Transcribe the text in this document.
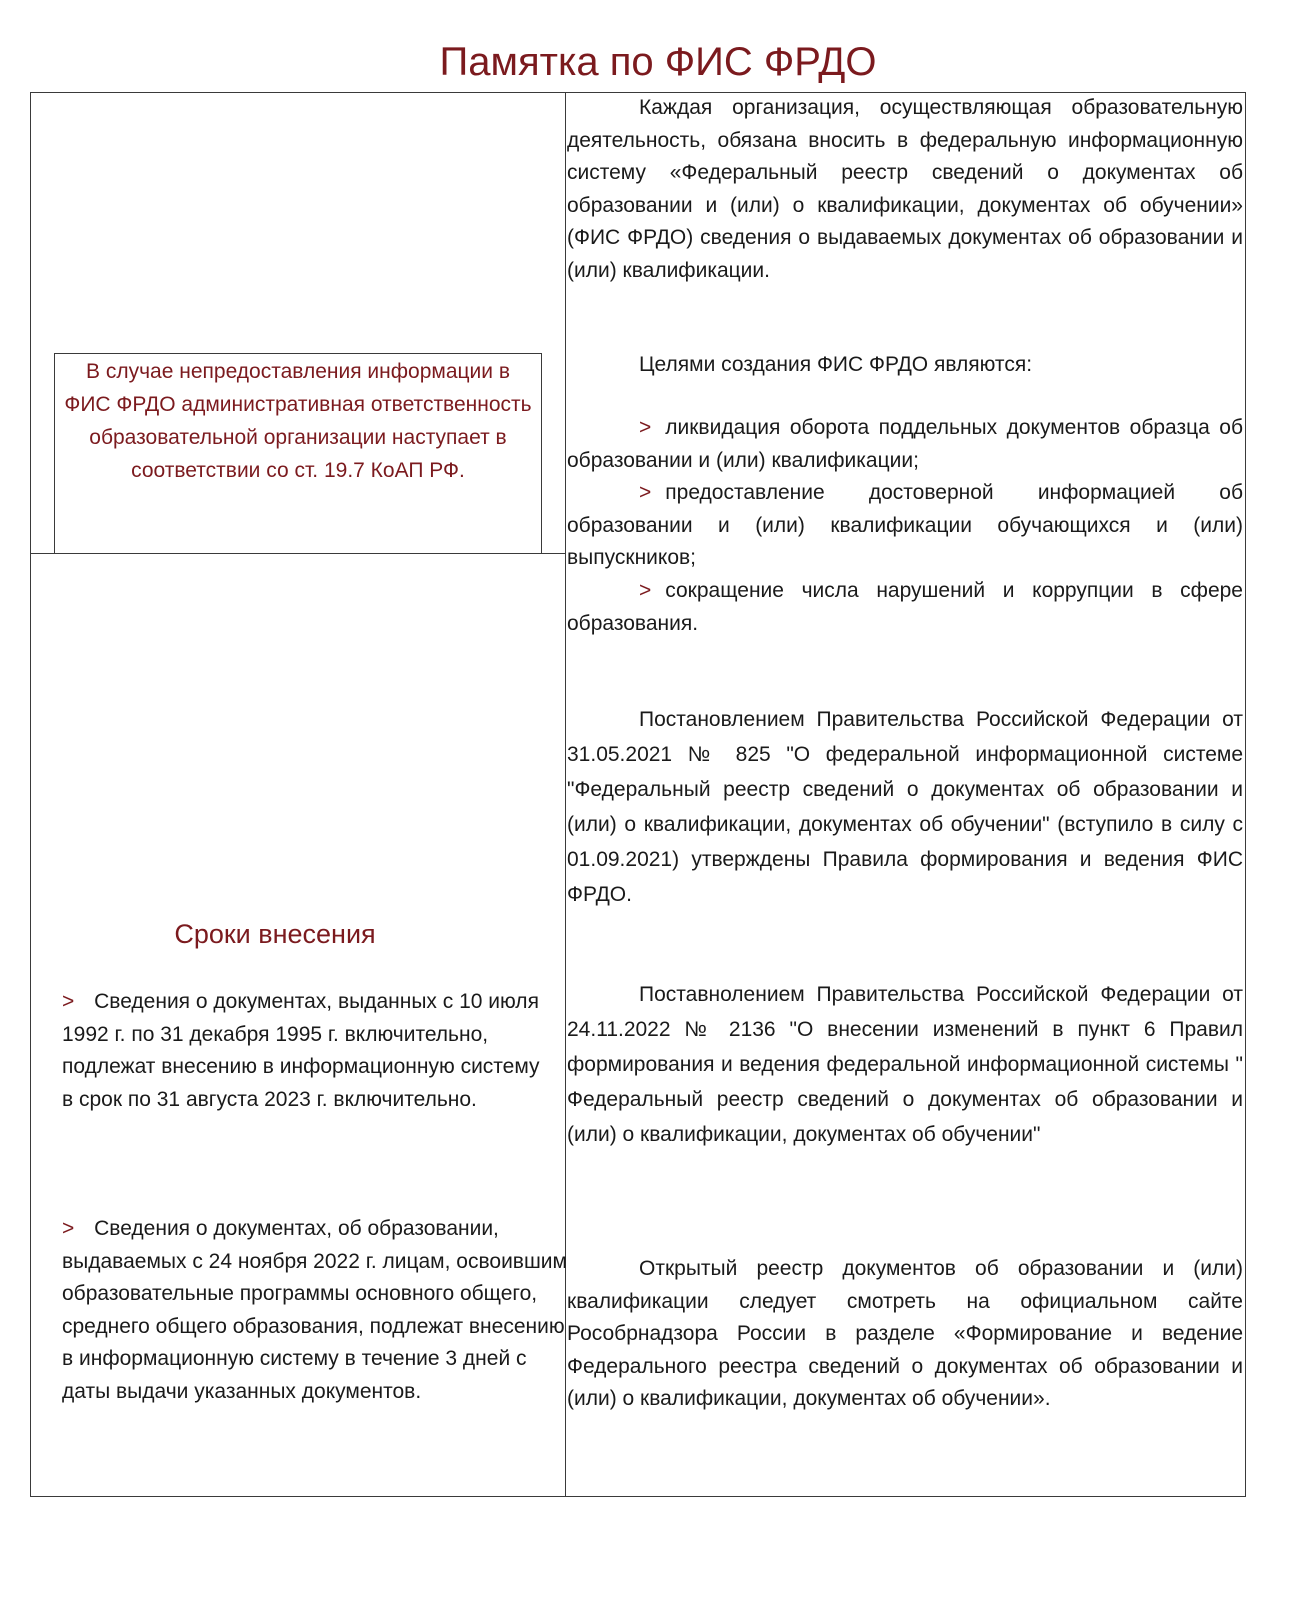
Памятка по ФИС ФРДО
В случае непредоставления информации в ФИС ФРДО административная ответственность образовательной организации наступает в соответствии со ст. 19.7 КоАП РФ.
Сроки внесения

> Сведения о документах, выданных с 10 июля 1992 г. по 31 декабря 1995 г. включительно, подлежат внесению в информационную систему в срок по 31 августа 2023 г. включительно.

> Сведения о документах, об образовании, выдаваемых с 24 ноября 2022 г. лицам, освоившим образовательные программы основного общего, среднего общего образования, подлежат внесению в информационную систему в течение 3 дней с даты выдачи указанных документов.

Каждая организация, осуществляющая образовательную деятельность, обязана вносить в федеральную информационную систему «Федеральный реестр сведений о документах об образовании и (или) о квалификации, документах об обучении» (ФИС ФРДО) сведения о выдаваемых документах об образовании и (или) квалификации.

Целями создания ФИС ФРДО являются:

> ликвидация оборота поддельных документов образца об образовании и (или) квалификации;

> предоставление достоверной информацией об образовании и (или) квалификации обучающихся и (или) выпускников;

> сокращение числа нарушений и коррупции в сфере образования.

Постановлением Правительства Российской Федерации от 31.05.2021 № 825 "О федеральной информационной системе "Федеральный реестр сведений о документах об образовании и (или) о квалификации, документах об обучении" (вступило в силу с 01.09.2021) утверждены Правила формирования и ведения ФИС ФРДО.

Поставнолением Правительства Российской Федерации от 24.11.2022 № 2136 "О внесении изменений в пункт 6 Правил формирования и ведения федеральной информационной системы " Федеральный реестр сведений о документах об образовании и (или) о квалификации, документах об обучении"

Открытый реестр документов об образовании и (или) квалификации следует смотреть на официальном сайте Рособрнадзора России в разделе «Формирование и ведение Федерального реестра сведений о документах об образовании и (или) о квалификации, документах об обучении».
